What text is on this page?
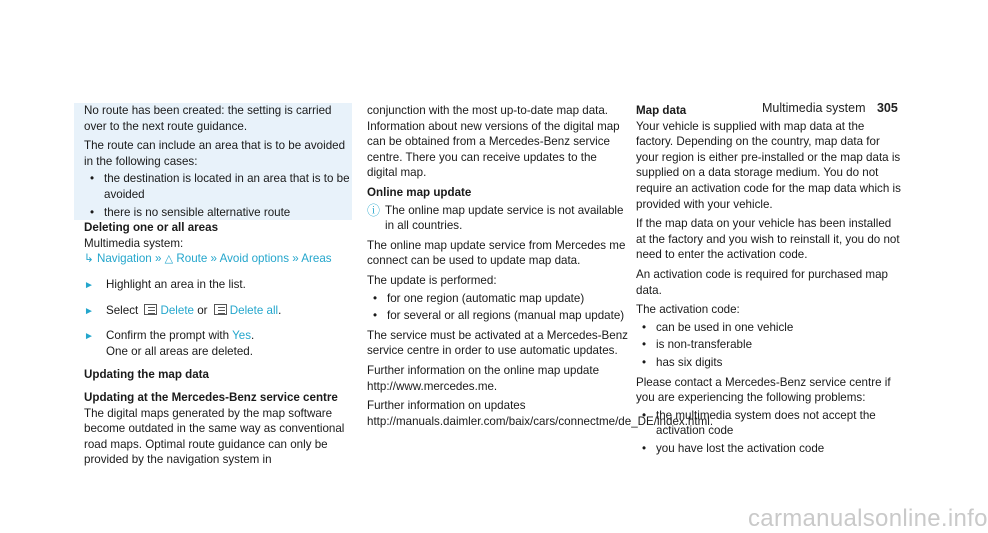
Multimedia system 305

No route has been created: the setting is carried over to the next route guidance.

The route can include an area that is to be avoided in the following cases:

• the destination is located in an area that is to be avoided
• there is no sensible alternative route

Deleting one or all areas

Multimedia system:

↳ Navigation » △ Route » Avoid options » Areas

►	Highlight an area in the list.
►	Select Delete or Delete all.
►	Confirm the prompt with Yes.
One or all areas are deleted.

Updating the map data

Updating at the Mercedes-Benz service centre

The digital maps generated by the map software become outdated in the same way as conventional road maps. Optimal route guidance can only be provided by the navigation system in

conjunction with the most up-to-date map data. Information about new versions of the digital map can be obtained from a Mercedes-Benz service centre. There you can receive updates to the digital map.

Online map update

ⓘ The online map update service is not available in all countries.

The online map update service from Mercedes me connect can be used to update map data.

The update is performed:

• for one region (automatic map update)
• for several or all regions (manual map update)

The service must be activated at a Mercedes-Benz service centre in order to use automatic updates.

Further information on the online map update http://www.mercedes.me.

Further information on updates http://manuals.daimler.com/baix/cars/connectme/de_DE/index.html.

Map data

Your vehicle is supplied with map data at the factory. Depending on the country, map data for your region is either pre-installed or the map data is supplied on a data storage medium. You do not require an activation code for the map data which is provided with your vehicle.

If the map data on your vehicle has been installed at the factory and you wish to reinstall it, you do not need to enter the activation code.

An activation code is required for purchased map data.

The activation code:

• can be used in one vehicle
• is non-transferable
• has six digits

Please contact a Mercedes-Benz service centre if you are experiencing the following problems:

• the multimedia system does not accept the activation code
• you have lost the activation code
carmanualsonline.info
